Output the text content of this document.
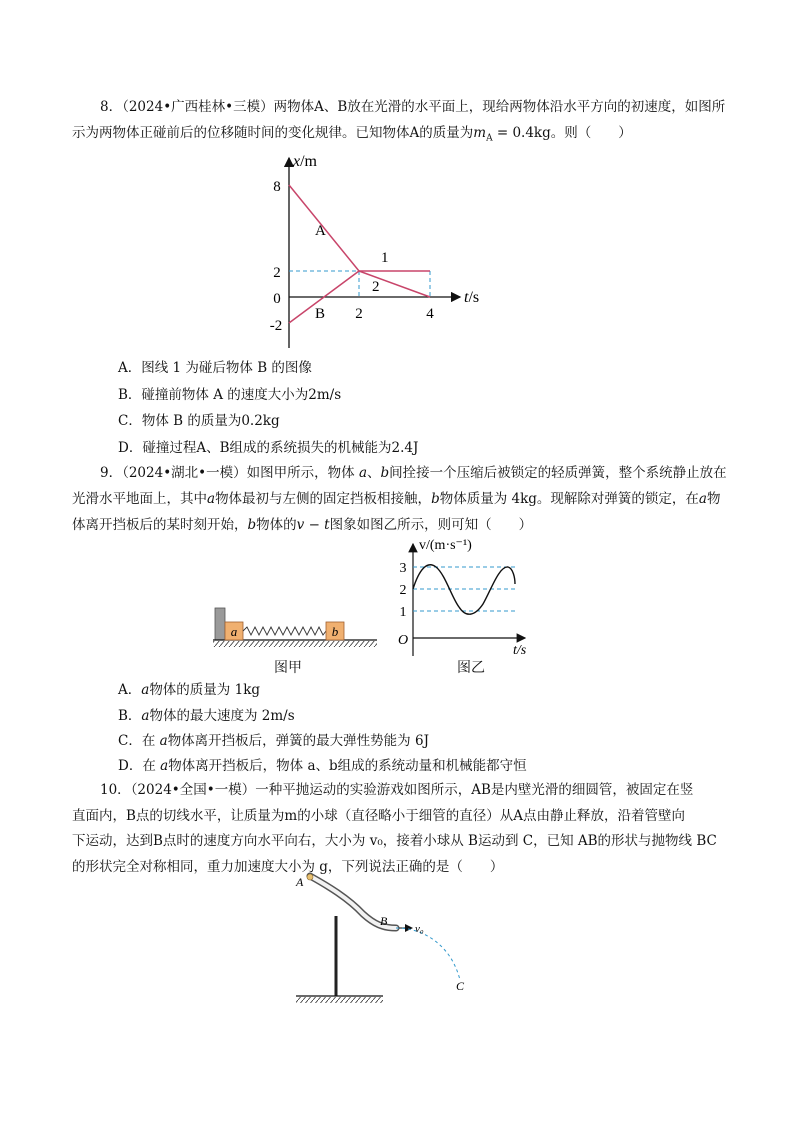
8．（2024•广西桂林•三模）两物体A、B放在光滑的水平面上，现给两物体沿水平方向的初速度，如图所示为两物体正碰前后的位移随时间的变化规律。已知物体A的质量为$m_A = 0.4kg$。则（　　）

x/m
t/s
8
2
0
-2
2	4
A
B
1
2
A．图线 1 为碰后物体 B 的图像
B．碰撞前物体 A 的速度大小为2m/s
C．物体 B 的质量为0.2kg
D．碰撞过程A、B组成的系统损失的机械能为2.4J

9．（2024•湖北•一模）如图甲所示，物体 a、b间拴接一个压缩后被锁定的轻质弹簧，整个系统静止放在光滑水平地面上，其中a物体最初与左侧的固定挡板相接触，b物体质量为 4kg。现解除对弹簧的锁定，在a物体离开挡板后的某时刻开始，b物体的v − t图象如图乙所示，则可知（　　）

a	b
图甲
v/(m·s⁻¹)
3
2
1
O
t/s
图乙
A．a物体的质量为 1kg
B．a物体的最大速度为 2m/s
C．在 a物体离开挡板后，弹簧的最大弹性势能为 6J
D．在 a物体离开挡板后，物体 a、b组成的系统动量和机械能都守恒
10．（2024•全国•一模）一种平抛运动的实验游戏如图所示，AB是内壁光滑的细圆管，被固定在竖
直面内，B点的切线水平，让质量为m的小球（直径略小于细管的直径）从A点由静止释放，沿着管壁向
下运动，达到B点时的速度方向水平向右，大小为 v₀，接着小球从 B运动到 C，已知 AB的形状与抛物线 BC
的形状完全对称相同，重力加速度大小为 g，下列说法正确的是（　　）
A
B
v₀
C
